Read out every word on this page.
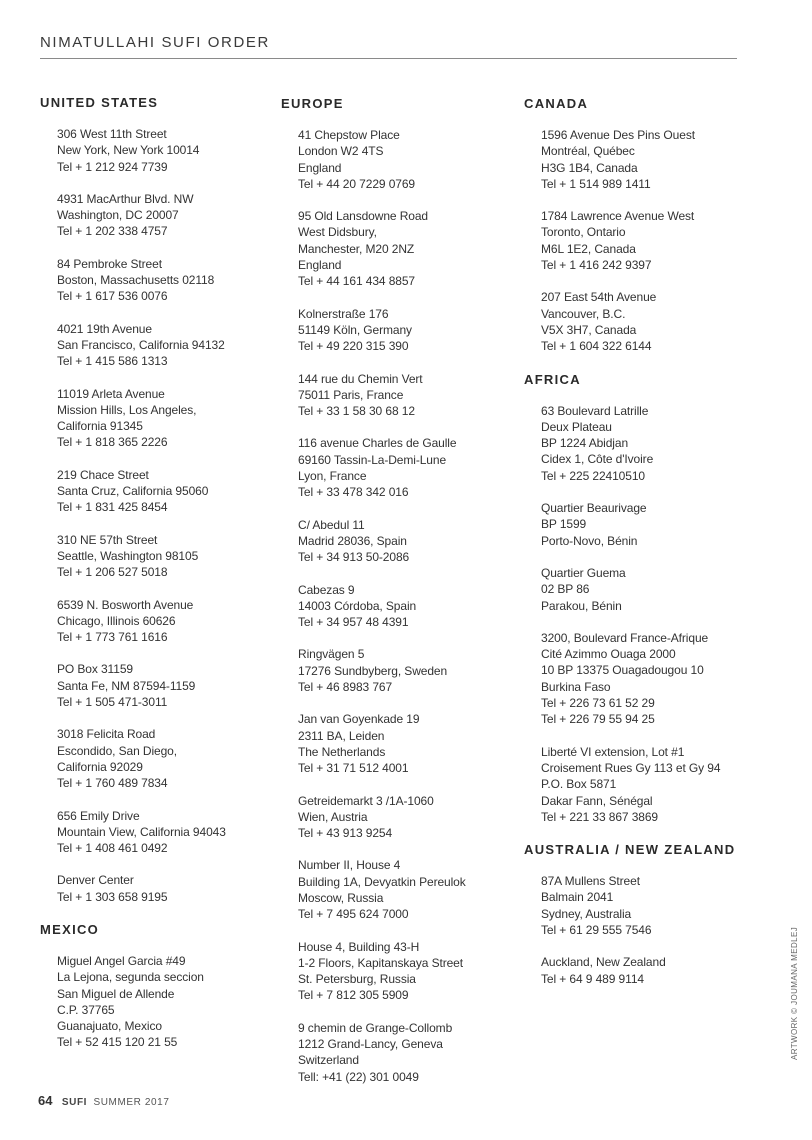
NIMATULLAHI SUFI ORDER
UNITED STATES
306 West 11th Street
New York, New York 10014
Tel + 1 212 924 7739
4931 MacArthur Blvd. NW
Washington, DC 20007
Tel + 1 202 338 4757
84 Pembroke Street
Boston, Massachusetts 02118
Tel + 1 617 536 0076
4021 19th Avenue
San Francisco, California 94132
Tel + 1 415 586 1313
11019 Arleta Avenue
Mission Hills, Los Angeles,
California 91345
Tel + 1 818 365 2226
219 Chace Street
Santa Cruz, California 95060
Tel + 1 831 425 8454
310 NE 57th Street
Seattle, Washington 98105
Tel + 1 206 527 5018
6539 N. Bosworth Avenue
Chicago, Illinois 60626
Tel + 1 773 761 1616
PO Box 31159
Santa Fe, NM 87594-1159
Tel + 1 505 471-3011
3018 Felicita Road
Escondido, San Diego,
California 92029
Tel + 1 760 489 7834
656 Emily Drive
Mountain View, California 94043
Tel + 1 408 461 0492
Denver Center
Tel + 1 303 658 9195
MEXICO
Miguel Angel Garcia #49
La Lejona, segunda seccion
San Miguel de Allende
C.P. 37765
Guanajuato, Mexico
Tel + 52 415 120 21 55
EUROPE
41 Chepstow Place
London W2 4TS
England
Tel + 44 20 7229 0769
95 Old Lansdowne Road
West Didsbury,
Manchester, M20 2NZ
England
Tel + 44 161 434 8857
Kolnerstraße 176
51149 Köln, Germany
Tel + 49 220 315 390
144 rue du Chemin Vert
75011 Paris, France
Tel + 33 1 58 30 68 12
116 avenue Charles de Gaulle
69160 Tassin-La-Demi-Lune
Lyon, France
Tel + 33 478 342 016
C/ Abedul 11
Madrid 28036, Spain
Tel + 34 913 50-2086
Cabezas 9
14003 Córdoba, Spain
Tel + 34 957 48 4391
Ringvägen 5
17276 Sundbyberg, Sweden
Tel + 46 8983 767
Jan van Goyenkade 19
2311 BA, Leiden
The Netherlands
Tel + 31 71 512 4001
Getreidemarkt 3 /1A-1060
Wien, Austria
Tel + 43 913 9254
Number II, House 4
Building 1A, Devyatkin Pereulok
Moscow, Russia
Tel + 7 495 624 7000
House 4, Building 43-H
1-2 Floors, Kapitanskaya Street
St. Petersburg, Russia
Tel + 7 812 305 5909
9 chemin de Grange-Collomb
1212 Grand-Lancy, Geneva
Switzerland
Tell: +41 (22) 301 0049
CANADA
1596 Avenue Des Pins Ouest
Montréal, Québec
H3G 1B4, Canada
Tel + 1 514 989 1411
1784 Lawrence Avenue West
Toronto, Ontario
M6L 1E2, Canada
Tel + 1 416 242 9397
207 East 54th Avenue
Vancouver, B.C.
V5X 3H7, Canada
Tel + 1 604 322 6144
AFRICA
63 Boulevard Latrille
Deux Plateau
BP 1224 Abidjan
Cidex 1, Côte d'Ivoire
Tel + 225 22410510
Quartier Beaurivage
BP 1599
Porto-Novo, Bénin
Quartier Guema
02 BP 86
Parakou, Bénin
3200, Boulevard France-Afrique
Cité Azimmo Ouaga 2000
10 BP 13375 Ouagadougou 10
Burkina Faso
Tel + 226 73 61 52 29
Tel + 226 79 55 94 25
Liberté VI extension, Lot #1
Croisement Rues Gy 113 et Gy 94
P.O. Box 5871
Dakar Fann, Sénégal
Tel + 221 33 867 3869
AUSTRALIA / NEW ZEALAND
87A Mullens Street
Balmain 2041
Sydney, Australia
Tel + 61 29 555 7546
Auckland, New Zealand
Tel + 64 9 489 9114
64 SUFI SUMMER 2017
ARTWORK © JOUMANA MEDLEJ
